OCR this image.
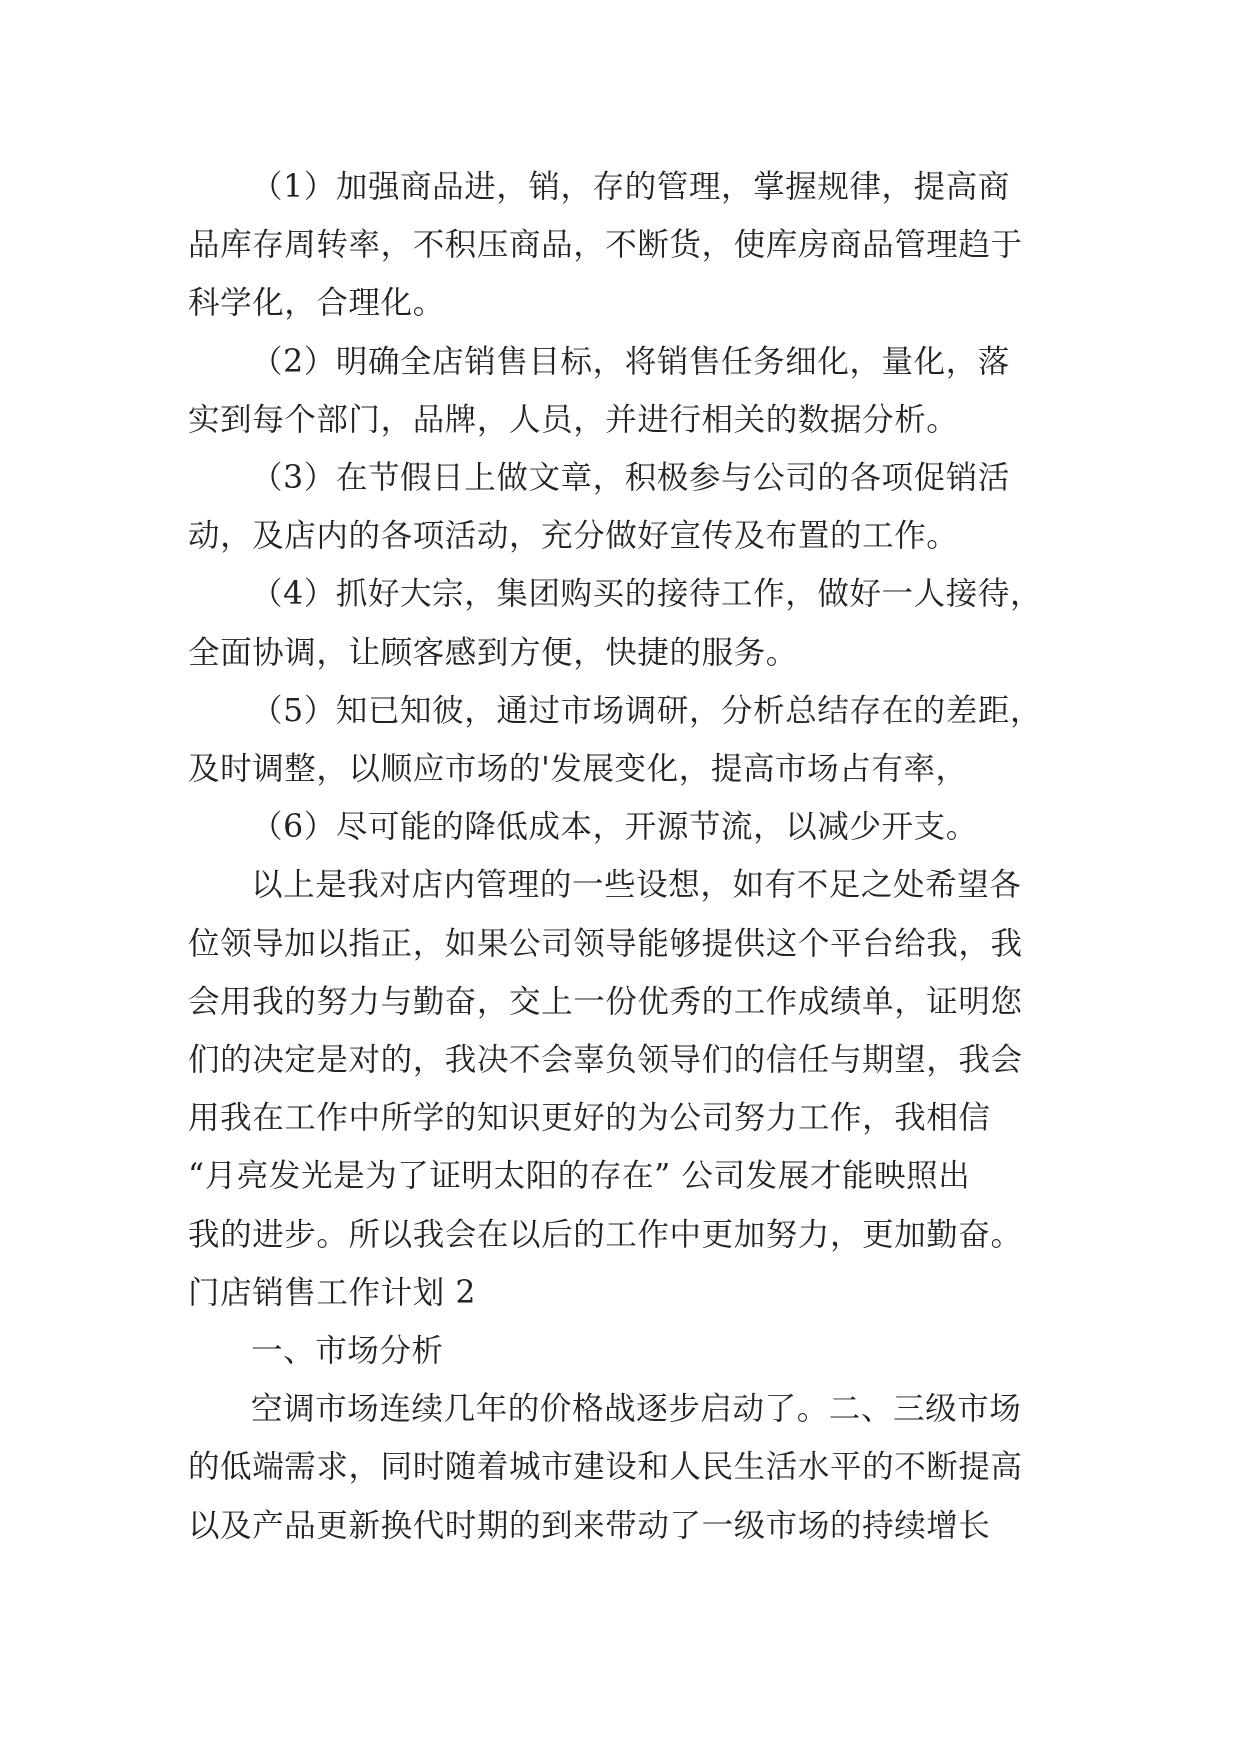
（1）加强商品进，销，存的管理，掌握规律，提高商
品库存周转率，不积压商品，不断货，使库房商品管理趋于
科学化，合理化。
（2）明确全店销售目标，将销售任务细化，量化，落
实到每个部门，品牌，人员，并进行相关的数据分析。
（3）在节假日上做文章，积极参与公司的各项促销活
动，及店内的各项活动，充分做好宣传及布置的工作。
（4）抓好大宗，集团购买的接待工作，做好一人接待，
全面协调，让顾客感到方便，快捷的服务。
（5）知已知彼，通过市场调研，分析总结存在的差距，
及时调整，以顺应市场的'发展变化，提高市场占有率，
（6）尽可能的降低成本，开源节流，以减少开支。
以上是我对店内管理的一些设想，如有不足之处希望各
位领导加以指正，如果公司领导能够提供这个平台给我，我
会用我的努力与勤奋，交上一份优秀的工作成绩单，证明您
们的决定是对的，我决不会辜负领导们的信任与期望，我会
用我在工作中所学的知识更好的为公司努力工作，我相信
“月亮发光是为了证明太阳的存在” 公司发展才能映照出
我的进步。所以我会在以后的工作中更加努力，更加勤奋。
门店销售工作计划 2
一、市场分析
空调市场连续几年的价格战逐步启动了。二、三级市场
的低端需求，同时随着城市建设和人民生活水平的不断提高
以及产品更新换代时期的到来带动了一级市场的持续增长
